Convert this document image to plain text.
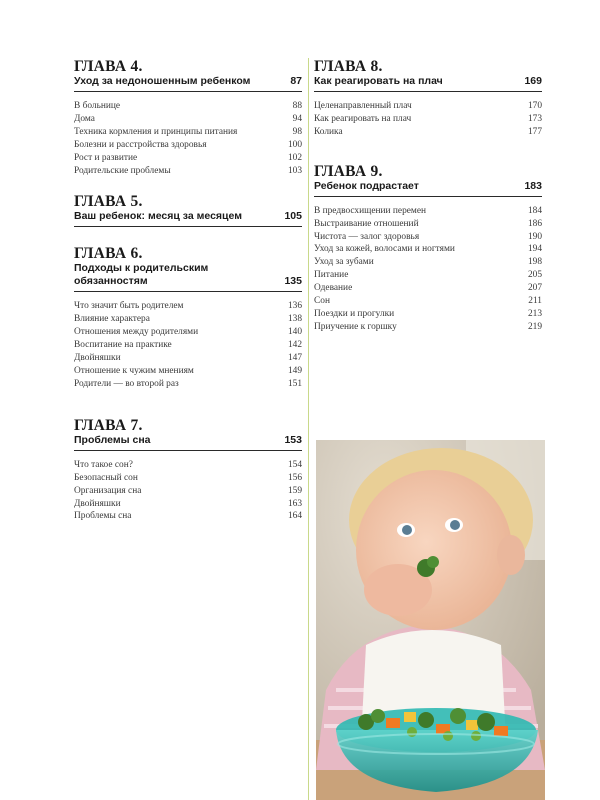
ГЛАВА 4.
Уход за недоношенным ребенком	87
В больнице	88
Дома	94
Техника кормления и принципы питания	98
Болезни и расстройства здоровья	100
Рост и развитие	102
Родительские проблемы	103
ГЛАВА 5.
Ваш ребенок: месяц за месяцем	105
ГЛАВА 6.
Подходы к родительским обязанностям	135
Что значит быть родителем	136
Влияние характера	138
Отношения между родителями	140
Воспитание на практике	142
Двойняшки	147
Отношение к чужим мнениям	149
Родители — во второй раз	151
ГЛАВА 7.
Проблемы сна	153
Что такое сон?	154
Безопасный сон	156
Организация сна	159
Двойняшки	163
Проблемы сна	164
ГЛАВА 8.
Как реагировать на плач	169
Целенаправленный плач	170
Как реагировать на плач	173
Колика	177
ГЛАВА 9.
Ребенок подрастает	183
В предвосхищении перемен	184
Выстраивание отношений	186
Чистота — залог здоровья	190
Уход за кожей, волосами и ногтями	194
Уход за зубами	198
Питание	205
Одевание	207
Сон	211
Поездки и прогулки	213
Приучение к горшку	219
